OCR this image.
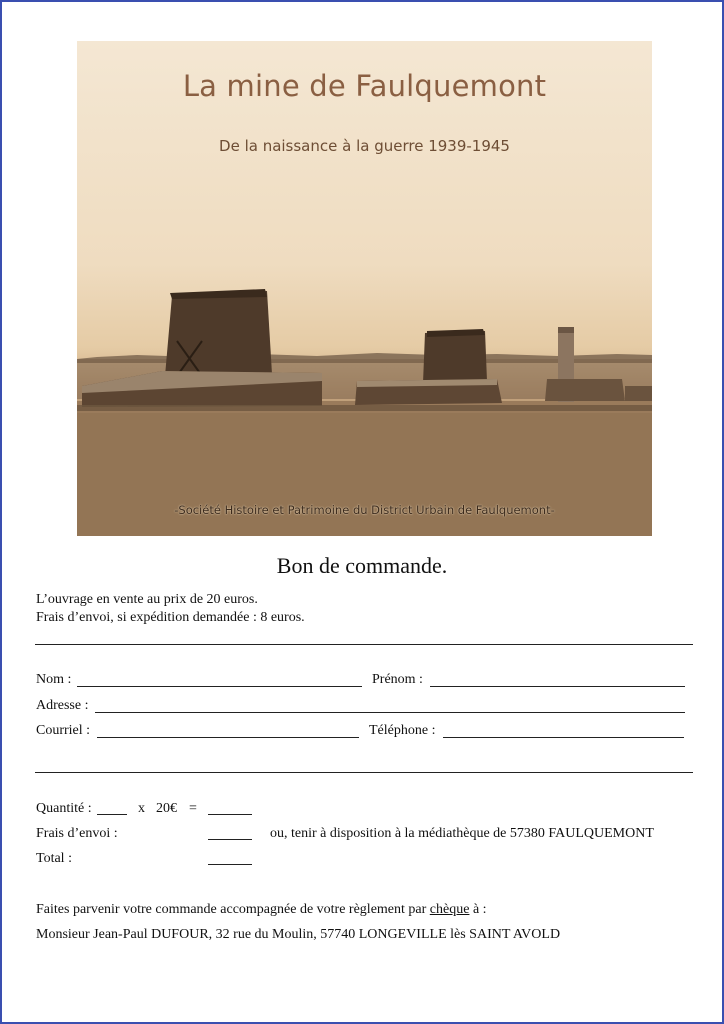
La mine de Faulquemont
De la naissance à la guerre 1939-1945
-Société Histoire et Patrimoine du District Urbain de Faulquemont-
Bon de commande.
L’ouvrage en vente au prix de 20 euros.
Frais d’envoi, si expédition demandée : 8 euros.
Nom :	Prénom :
Adresse :
Courriel :	Téléphone :
Quantité :	x 20€ =
Frais d’envoi :	ou, tenir à disposition à la médiathèque de 57380 FAULQUEMONT
Total :
Faites parvenir votre commande accompagnée de votre règlement par chèque à :
Monsieur Jean-Paul DUFOUR, 32 rue du Moulin, 57740 LONGEVILLE lès SAINT AVOLD
